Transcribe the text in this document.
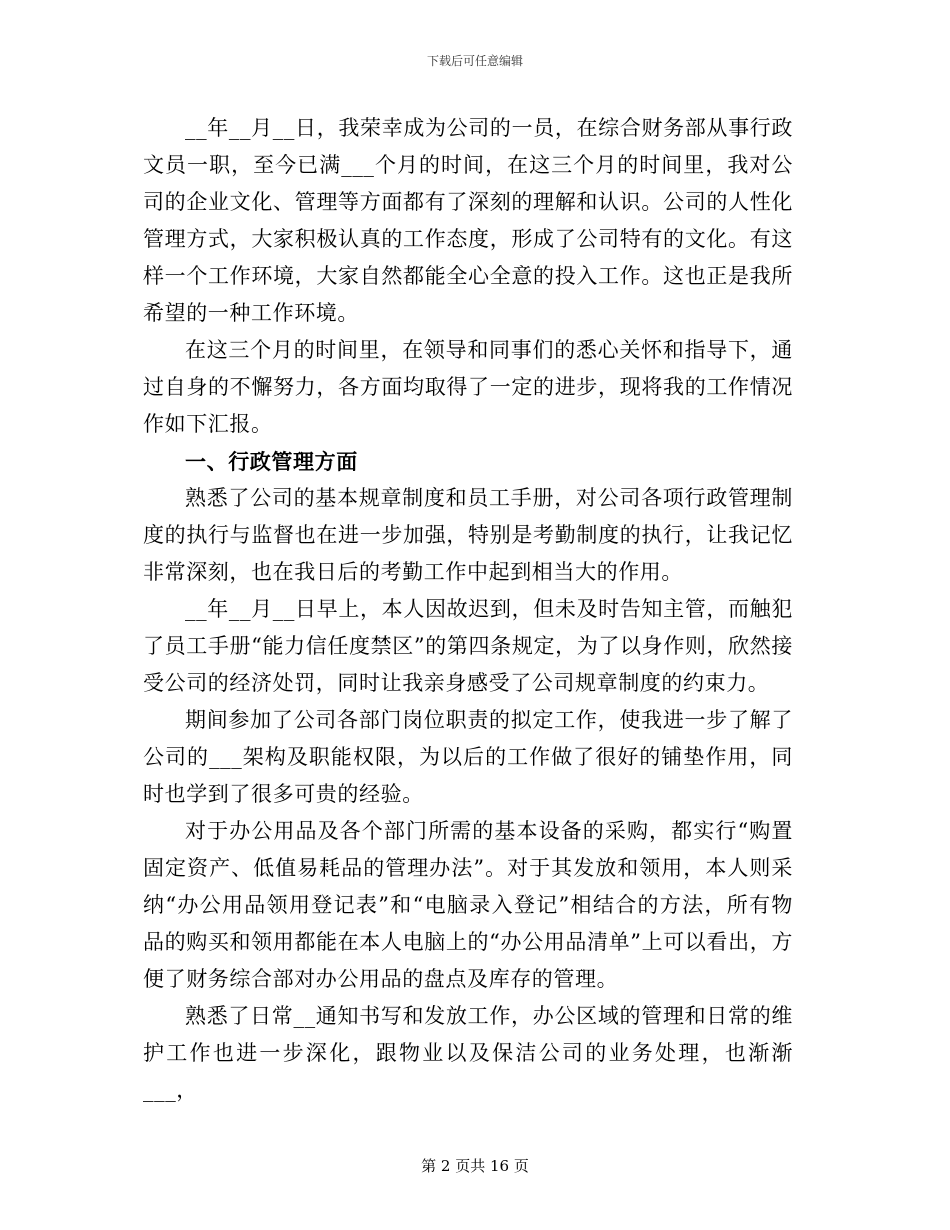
下载后可任意编辑

__年__月__日，我荣幸成为公司的一员，在综合财务部从事行政文员一职，至今已满___个月的时间，在这三个月的时间里，我对公司的企业文化、管理等方面都有了深刻的理解和认识。公司的人性化管理方式，大家积极认真的工作态度，形成了公司特有的文化。有这样一个工作环境，大家自然都能全心全意的投入工作。这也正是我所希望的一种工作环境。

在这三个月的时间里，在领导和同事们的悉心关怀和指导下，通过自身的不懈努力，各方面均取得了一定的进步，现将我的工作情况作如下汇报。

一、行政管理方面

熟悉了公司的基本规章制度和员工手册，对公司各项行政管理制度的执行与监督也在进一步加强，特别是考勤制度的执行，让我记忆非常深刻，也在我日后的考勤工作中起到相当大的作用。

__年__月__日早上，本人因故迟到，但未及时告知主管，而触犯了员工手册“能力信任度禁区”的第四条规定，为了以身作则，欣然接受公司的经济处罚，同时让我亲身感受了公司规章制度的约束力。

期间参加了公司各部门岗位职责的拟定工作，使我进一步了解了公司的___架构及职能权限，为以后的工作做了很好的铺垫作用，同时也学到了很多可贵的经验。

对于办公用品及各个部门所需的基本设备的采购，都实行“购置固定资产、低值易耗品的管理办法”。对于其发放和领用，本人则采纳“办公用品领用登记表”和“电脑录入登记”相结合的方法，所有物品的购买和领用都能在本人电脑上的“办公用品清单”上可以看出，方便了财务综合部对办公用品的盘点及库存的管理。

熟悉了日常__通知书写和发放工作，办公区域的管理和日常的维护工作也进一步深化，跟物业以及保洁公司的业务处理，也渐渐___，

第 2 页共 16 页
